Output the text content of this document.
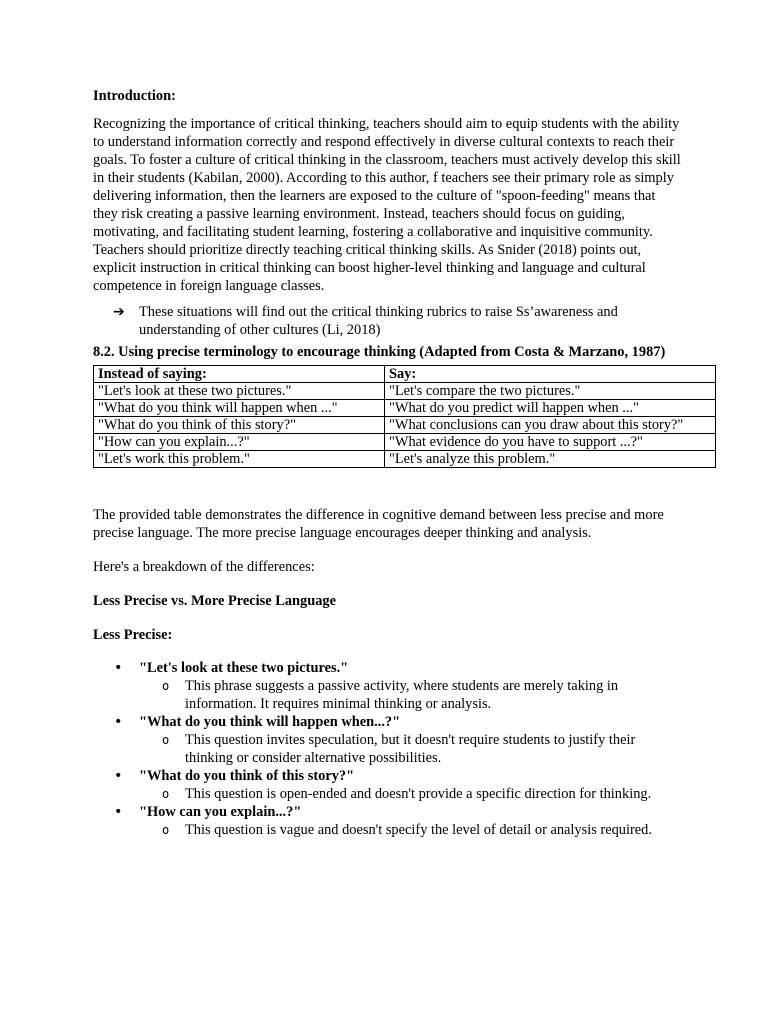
Introduction:

Recognizing the importance of critical thinking, teachers should aim to equip students with the ability to understand information correctly and respond effectively in diverse cultural contexts to reach their goals. To foster a culture of critical thinking in the classroom, teachers must actively develop this skill in their students (Kabilan, 2000). According to this author, f teachers see their primary role as simply delivering information, then the learners are exposed to the culture of "spoon-feeding" means that they risk creating a passive learning environment. Instead, teachers should focus on guiding, motivating, and facilitating student learning, fostering a collaborative and inquisitive community. Teachers should prioritize directly teaching critical thinking skills. As Snider (2018) points out, explicit instruction in critical thinking can boost higher-level thinking and language and cultural competence in foreign language classes.

➔ These situations will find out the critical thinking rubrics to raise Ss’awareness and understanding of other cultures (Li, 2018)

8.2. Using precise terminology to encourage thinking (Adapted from Costa & Marzano, 1987)

Instead of saying:	Say:
"Let's look at these two pictures."	"Let's compare the two pictures."
"What do you think will happen when ..."	"What do you predict will happen when ..."
"What do you think of this story?"	"What conclusions can you draw about this story?"
"How can you explain...?"	"What evidence do you have to support ...?"
"Let's work this problem."	"Let's analyze this problem."

The provided table demonstrates the difference in cognitive demand between less precise and more precise language. The more precise language encourages deeper thinking and analysis.

Here's a breakdown of the differences:

Less Precise vs. More Precise Language

Less Precise:

• "Let's look at these two pictures."
o This phrase suggests a passive activity, where students are merely taking in information. It requires minimal thinking or analysis.
• "What do you think will happen when...?"
o This question invites speculation, but it doesn't require students to justify their thinking or consider alternative possibilities.
• "What do you think of this story?"
o This question is open-ended and doesn't provide a specific direction for thinking.
• "How can you explain...?"
o This question is vague and doesn't specify the level of detail or analysis required.
